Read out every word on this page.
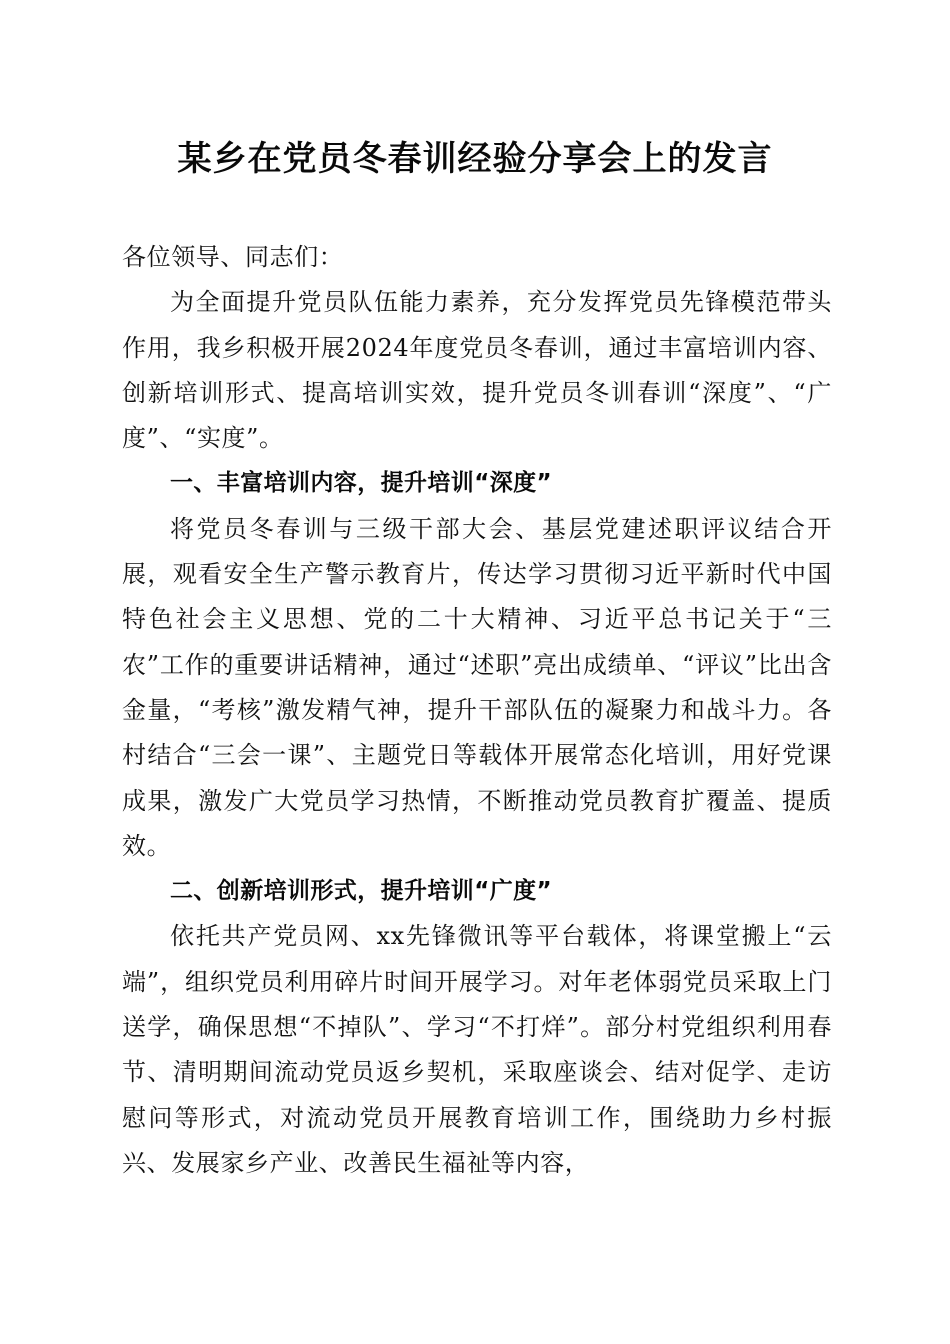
某乡在党员冬春训经验分享会上的发言

各位领导、同志们：

为全面提升党员队伍能力素养，充分发挥党员先锋模范带头作用，我乡积极开展2024年度党员冬春训，通过丰富培训内容、创新培训形式、提高培训实效，提升党员冬训春训“深度”、“广度”、“实度”。

一、丰富培训内容，提升培训“深度”

将党员冬春训与三级干部大会、基层党建述职评议结合开展，观看安全生产警示教育片，传达学习贯彻习近平新时代中国特色社会主义思想、党的二十大精神、习近平总书记关于“三农”工作的重要讲话精神，通过“述职”亮出成绩单、“评议”比出含金量，“考核”激发精气神，提升干部队伍的凝聚力和战斗力。各村结合“三会一课”、主题党日等载体开展常态化培训，用好党课成果，激发广大党员学习热情，不断推动党员教育扩覆盖、提质效。

二、创新培训形式，提升培训“广度”

依托共产党员网、xx先锋微讯等平台载体，将课堂搬上“云端”，组织党员利用碎片时间开展学习。对年老体弱党员采取上门送学，确保思想“不掉队”、学习“不打烊”。部分村党组织利用春节、清明期间流动党员返乡契机，采取座谈会、结对促学、走访慰问等形式，对流动党员开展教育培训工作，围绕助力乡村振兴、发展家乡产业、改善民生福祉等内容，
